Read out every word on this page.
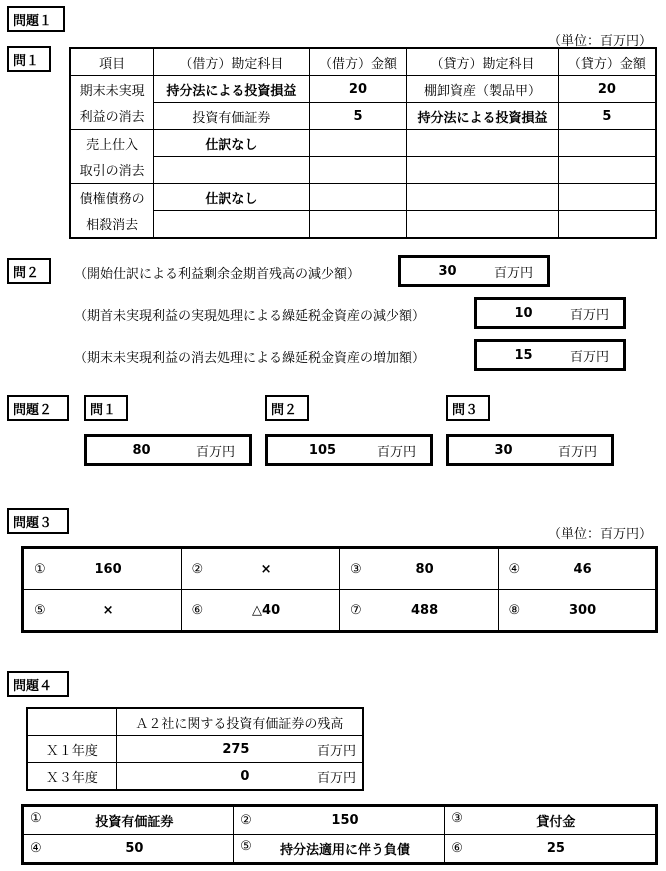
問題１
（単位：百万円）
問１	項目	（借方）勘定科目	（借方）金額	（貸方）勘定科目	（貸方）金額
期末未実現	持分法による投資損益	20	棚卸資産（製品甲）	20
利益の消去	投資有価証券	5	持分法による投資損益	5
売上仕入	仕訳なし			
取引の消去				
債権債務の	仕訳なし			
相殺消去				
問２	（開始仕訳による利益剰余金期首残高の減少額）	30	百万円
（期首未実現利益の実現処理による繰延税金資産の減少額）	10	百万円
（期末未実現利益の消去処理による繰延税金資産の増加額）	15	百万円
問題２	問１	問２	問３
80	百万円	105	百万円	30	百万円
問題３
（単位：百万円）
① 160	② ×	③ 80	④ 46

⑤ ×	⑥ △40	⑦ 488	⑧ 300
問題４
	Ａ２社に関する投資有価証券の残高	
Ｘ１年度	275	百万円
Ｘ３年度	0	百万円
① 投資有価証券	② 150	③ 貸付金

④ 50	⑤ 持分法適用に伴う負債	⑥ 25
